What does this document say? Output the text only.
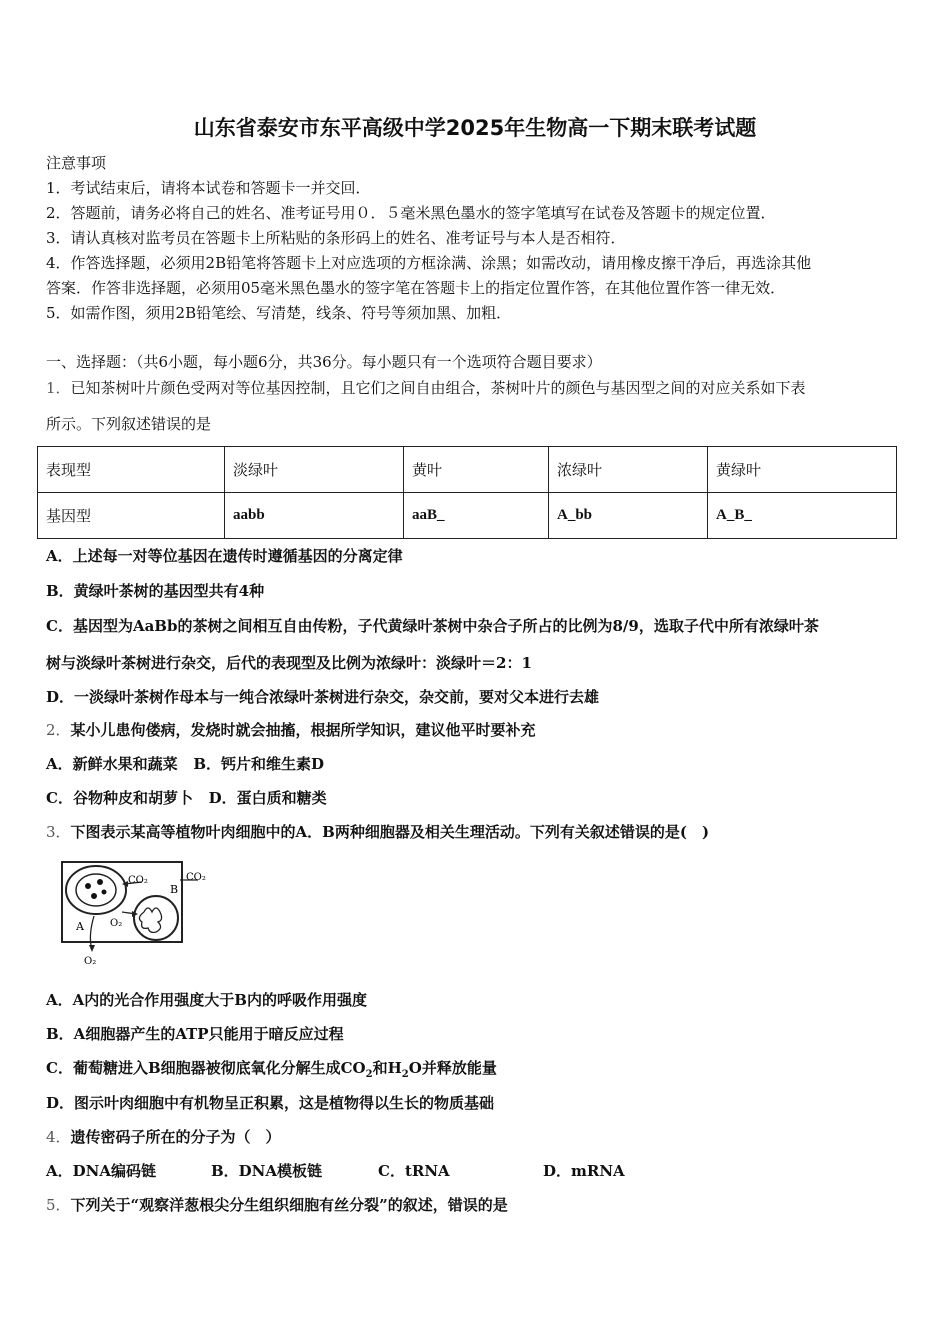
山东省泰安市东平高级中学2025年生物高一下期末联考试题
注意事项
1．考试结束后，请将本试卷和答题卡一并交回．
2．答题前，请务必将自己的姓名、准考证号用０．５毫米黑色墨水的签字笔填写在试卷及答题卡的规定位置．
3．请认真核对监考员在答题卡上所粘贴的条形码上的姓名、准考证号与本人是否相符．
4．作答选择题，必须用2B铅笔将答题卡上对应选项的方框涂满、涂黑；如需改动，请用橡皮擦干净后，再选涂其他
答案．作答非选择题，必须用05毫米黑色墨水的签字笔在答题卡上的指定位置作答，在其他位置作答一律无效．
5．如需作图，须用2B铅笔绘、写清楚，线条、符号等须加黑、加粗．
一、选择题：（共6小题，每小题6分，共36分。每小题只有一个选项符合题目要求）
1．已知茶树叶片颜色受两对等位基因控制，且它们之间自由组合，茶树叶片的颜色与基因型之间的对应关系如下表
所示。下列叙述错误的是
表现型	淡绿叶	黄叶	浓绿叶	黄绿叶
基因型	aabb	aaB_	A_bb	A_B_
A．上述每一对等位基因在遗传时遵循基因的分离定律
B．黄绿叶茶树的基因型共有4种
C．基因型为AaBb的茶树之间相互自由传粉，子代黄绿叶茶树中杂合子所占的比例为8/9，选取子代中所有浓绿叶茶
树与淡绿叶茶树进行杂交，后代的表现型及比例为浓绿叶：淡绿叶＝2：1
D．一淡绿叶茶树作母本与一纯合浓绿叶茶树进行杂交，杂交前，要对父本进行去雄
2．某小儿患佝偻病，发烧时就会抽搐，根据所学知识，建议他平时要补充
A．新鲜水果和蔬菜 B．钙片和维生素D
C．谷物种皮和胡萝卜 D．蛋白质和糖类
3．下图表示某高等植物叶肉细胞中的A．B两种细胞器及相关生理活动。下列有关叙述错误的是(　)
CO₂	CO₂
B
O₂
A
O₂
A．A内的光合作用强度大于B内的呼吸作用强度
B．A细胞器产生的ATP只能用于暗反应过程
C．葡萄糖进入B细胞器被彻底氧化分解生成$CO_2$和$H_2O$并释放能量
D．图示叶肉细胞中有机物呈正积累，这是植物得以生长的物质基础
4．遗传密码子所在的分子为（　）
A．DNA编码链	B．DNA模板链	C．tRNA	D．mRNA
5．下列关于“观察洋葱根尖分生组织细胞有丝分裂”的叙述，错误的是
